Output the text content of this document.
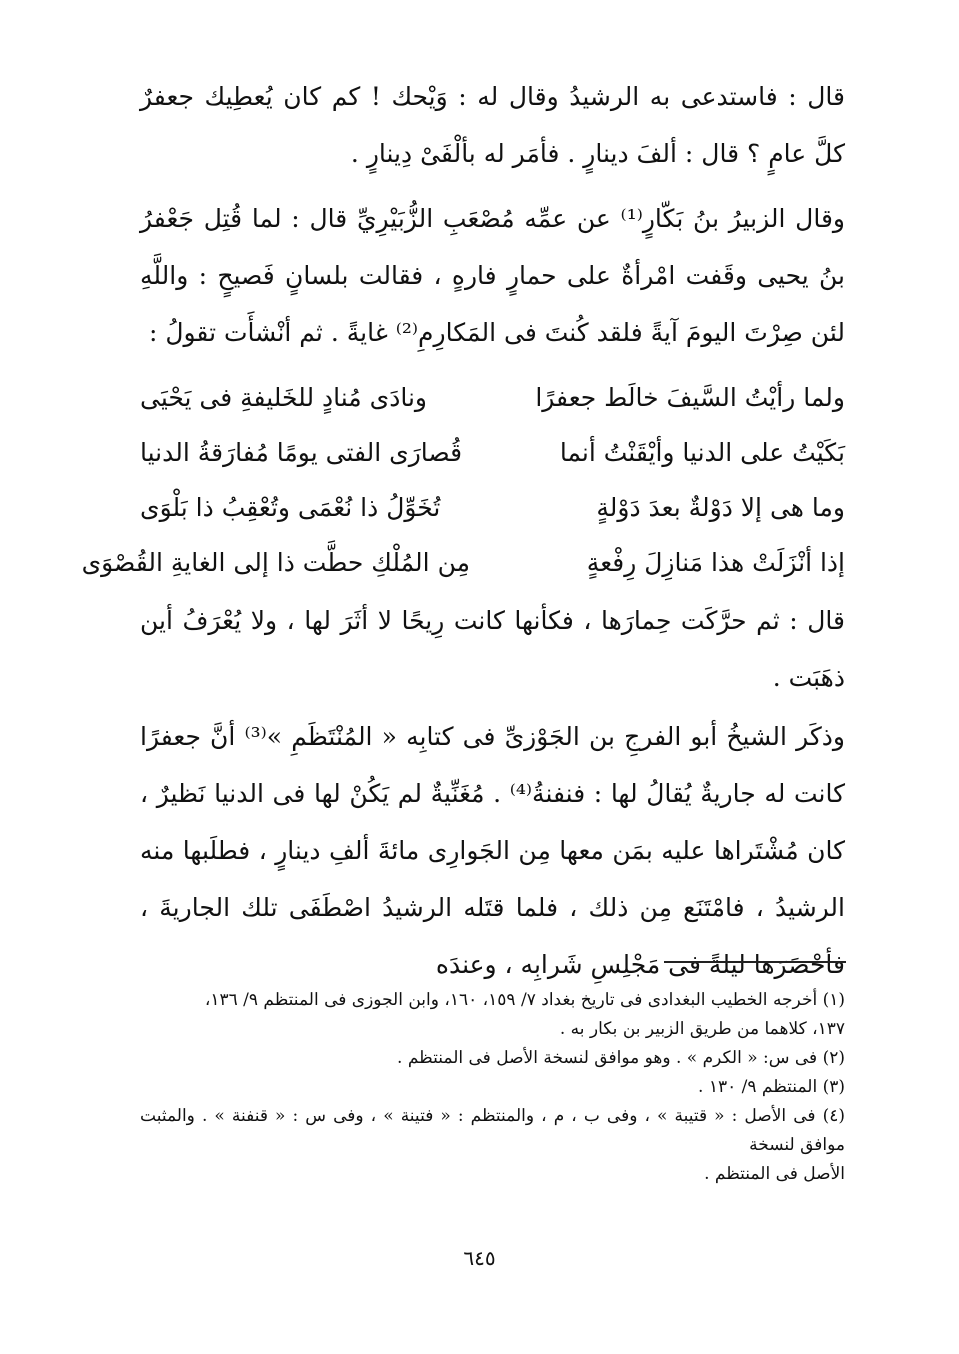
قال : فاستدعى به الرشيدُ وقال له : وَيْحك ! كم كان يُعطِيك جعفرٌ كلَّ عامٍ ؟ قال : ألفَ دينارٍ . فأمَر له بألْفَىْ دِينارٍ .
وقال الزبيرُ بنُ بَكّارٍ⁽¹⁾ عن عمِّه مُصْعَبِ الزُّبَيْرِيِّ قال : لما قُتِل جَعْفرُ بنُ يحيى وقَفت امْرأةٌ على حمارٍ فارهٍ ، فقالت بلسانٍ فَصيحٍ : واللَّهِ لئن صِرْتَ اليومَ آيةً فلقد كُنتَ فى المَكارِمِ⁽²⁾ غايةً . ثم أنْشأَت تقولُ :
ولما رأيْتُ السَّيفَ خالَط جعفرًا
ونادَى مُنادٍ للخَليفةِ فى يَحْيَى
بَكَيْتُ على الدنيا وأيْقَنْتُ أنما
قُصارَى الفتى يومًا مُفارَقةُ الدنيا
وما هى إلا دَوْلةٌ بعدَ دَوْلةٍ
تُخَوِّلُ ذا نُعْمَى وتُعْقِبُ ذا بَلْوَى
إذا أنْزَلَتْ هذا مَنازِلَ رِفْعةٍ
مِن المُلْكِ حطَّت ذا إلى الغايةِ القُصْوَى
قال : ثم حرَّكَت حِمارَها ، فكأنها كانت رِيحًا لا أثَرَ لها ، ولا يُعْرَفُ أين ذهَبَت .
وذكَر الشيخُ أبو الفرجِ بن الجَوْزىِّ فى كتابِه « المُنْتَظَمِ »⁽³⁾ أنَّ جعفرًا كانت له جاريةٌ يُقالُ لها : فنفنةُ⁽⁴⁾ . مُغَنِّيةٌ لم يَكُنْ لها فى الدنيا نَظيرٌ ، كان مُشْتَراها عليه بمَن معها مِن الجَوارِى مائةَ ألفِ دينارٍ ، فطلَبها منه الرشيدُ ، فامْتَنَع مِن ذلك ، فلما قتَله الرشيدُ اصْطَفَى تلك الجاريةَ ، فأحْضَرَها ليلةً فى مَجْلِسِ شَرابِه ، وعندَه

(١) أخرجه الخطيب البغدادى فى تاريخ بغداد ٧/ ١٥٩، ١٦٠، وابن الجوزى فى المنتظم ٩/ ١٣٦،
١٣٧، كلاهما من طريق الزبير بن بكار به .

(٢) فى س: « الكرم » . وهو موافق لنسخة الأصل فى المنتظم .

(٣) المنتظم ٩/ ١٣٠ .

(٤) فى الأصل : « قتيبة » ، وفى ب ، م ، والمنتظم : « فتينة » ، وفى س : « قنفنة » . والمثبت موافق لنسخة
الأصل فى المنتظم .

٦٤٥
